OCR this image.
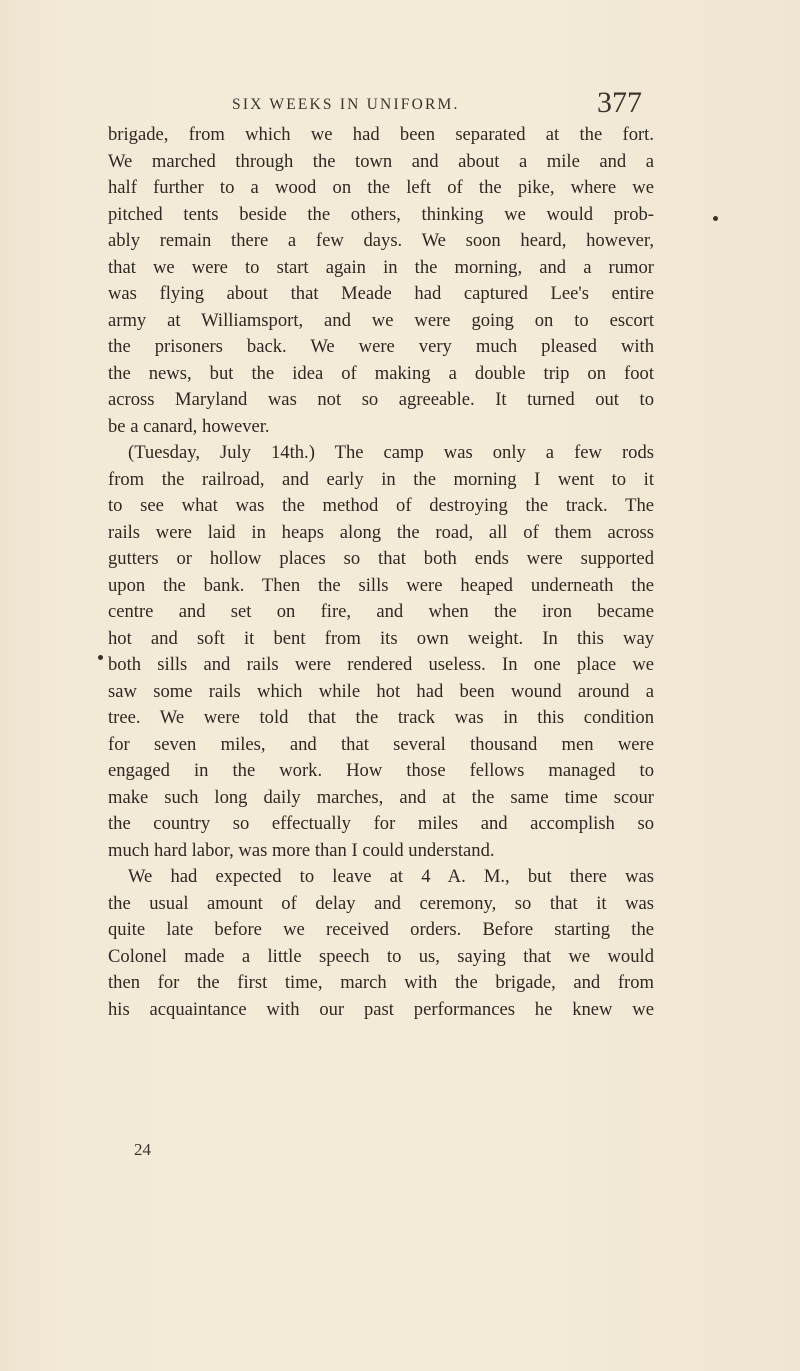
SIX WEEKS IN UNIFORM.	377
brigade, from which we had been separated at the fort.
We marched through the town and about a mile and a
half further to a wood on the left of the pike, where we
pitched tents beside the others, thinking we would prob-
ably remain there a few days. We soon heard, however,
that we were to start again in the morning, and a rumor
was flying about that Meade had captured Lee's entire
army at Williamsport, and we were going on to escort
the prisoners back. We were very much pleased with
the news, but the idea of making a double trip on foot
across Maryland was not so agreeable. It turned out to
be a canard, however.
(Tuesday, July 14th.) The camp was only a few rods
from the railroad, and early in the morning I went to it
to see what was the method of destroying the track. The
rails were laid in heaps along the road, all of them across
gutters or hollow places so that both ends were supported
upon the bank. Then the sills were heaped underneath the
centre and set on fire, and when the iron became
hot and soft it bent from its own weight. In this way
both sills and rails were rendered useless. In one place we
saw some rails which while hot had been wound around a
tree. We were told that the track was in this condition
for seven miles, and that several thousand men were
engaged in the work. How those fellows managed to
make such long daily marches, and at the same time scour
the country so effectually for miles and accomplish so
much hard labor, was more than I could understand.
We had expected to leave at 4 A. M., but there was
the usual amount of delay and ceremony, so that it was
quite late before we received orders. Before starting the
Colonel made a little speech to us, saying that we would
then for the first time, march with the brigade, and from
his acquaintance with our past performances he knew we
24
